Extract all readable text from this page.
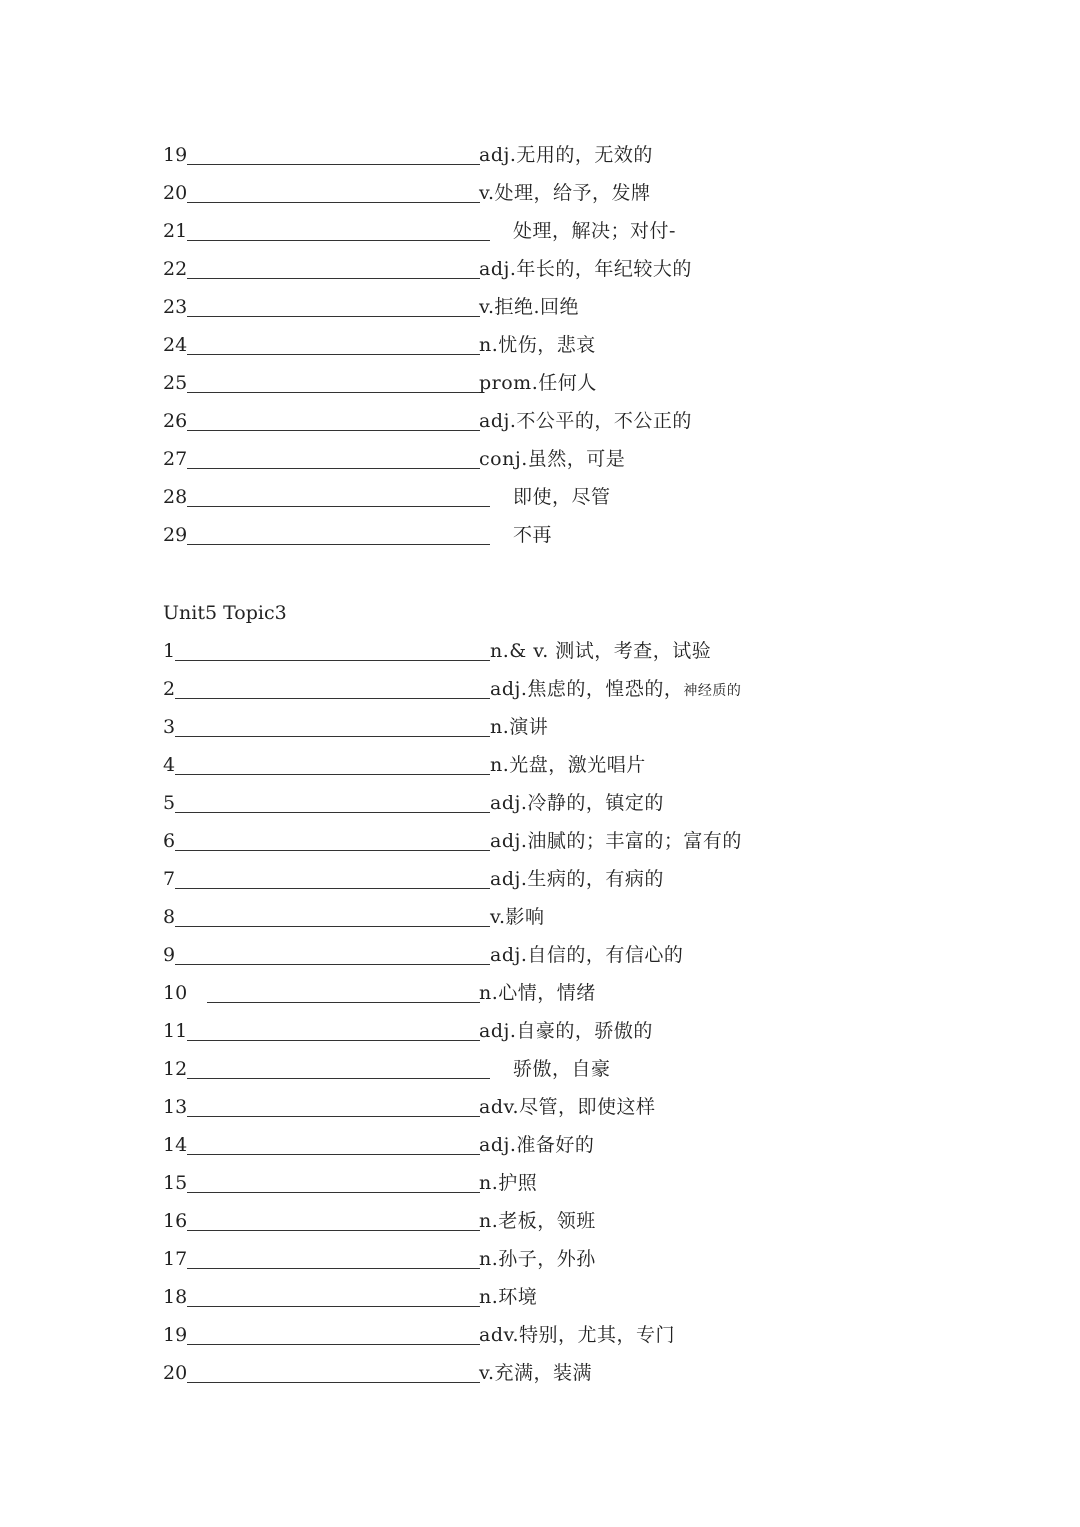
19	adj.无用的，无效的
20	v.处理，给予，发牌
21	处理，解决；对付-
22	adj.年长的，年纪较大的
23	v.拒绝.回绝
24	n.忧伤，悲哀
25	prom.任何人
26	adj.不公平的，不公正的
27	conj.虽然，可是
28	即使，尽管
29	不再
Unit5 Topic3
1	n.& v. 测试，考查，试验
2	adj.焦虑的，惶恐的，神经质的
3	n.演讲
4	n.光盘，激光唱片
5	adj.冷静的，镇定的
6	adj.油腻的；丰富的；富有的
7	adj.生病的，有病的
8	v.影响
9	adj.自信的，有信心的
10	n.心情，情绪
11	adj.自豪的，骄傲的
12	骄傲，自豪
13	adv.尽管，即使这样
14	adj.准备好的
15	n.护照
16	n.老板，领班
17	n.孙子，外孙
18	n.环境
19	adv.特别，尤其，专门
20	v.充满，装满
